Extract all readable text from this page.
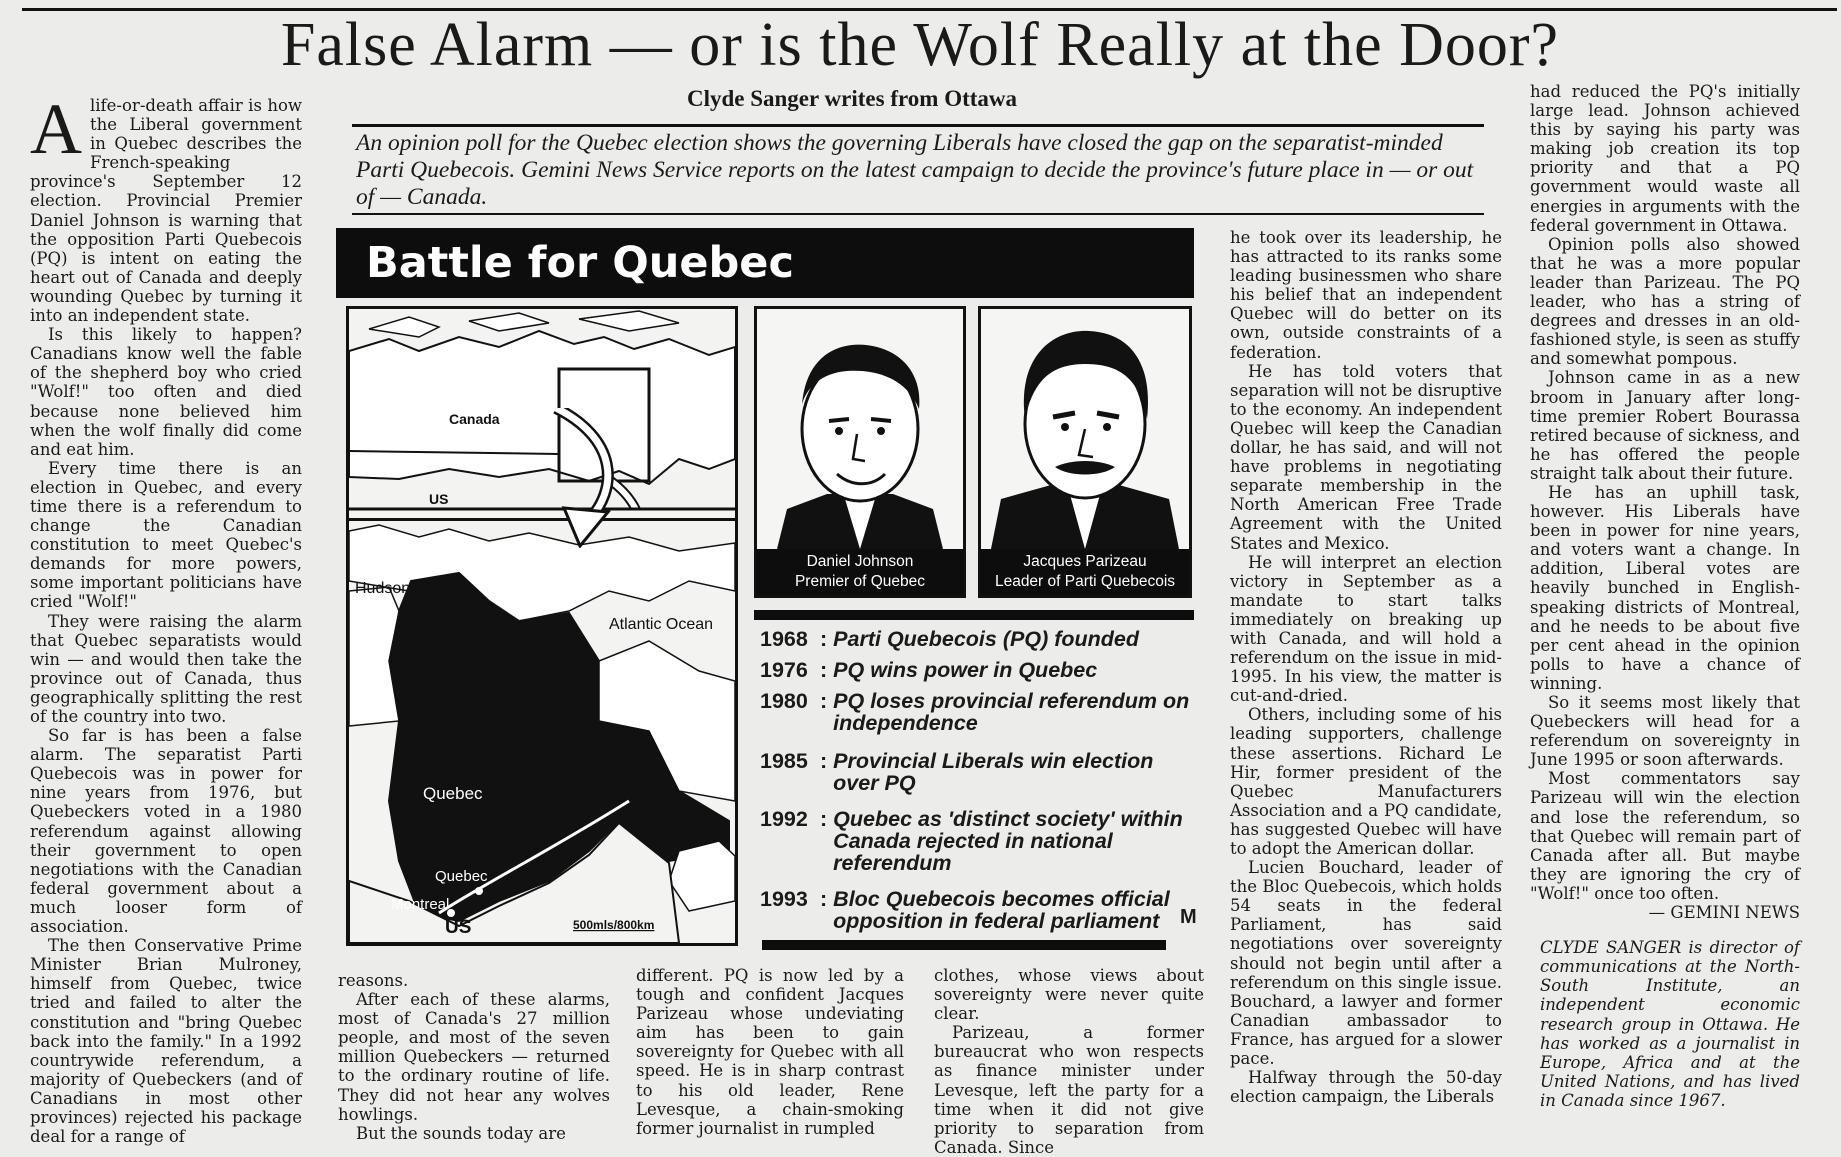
False Alarm — or is the Wolf Really at the Door?
Clyde Sanger writes from Ottawa
An opinion poll for the Quebec election shows the governing Liberals have closed the gap on the separatist-minded Parti Quebecois. Gemini News Service reports on the latest campaign to decide the province's future place in — or out of — Canada.

Alife-or-death affair is how the Liberal government in Quebec describes the French-speaking province's September 12 election. Provincial Premier Daniel Johnson is warning that the opposition Parti Quebecois (PQ) is intent on eating the heart out of Canada and deeply wounding Quebec by turning it into an independent state.

Is this likely to happen? Canadians know well the fable of the shepherd boy who cried "Wolf!" too often and died because none believed him when the wolf finally did come and eat him.

Every time there is an election in Quebec, and every time there is a referendum to change the Canadian constitution to meet Quebec's demands for more powers, some important politicians have cried "Wolf!"

They were raising the alarm that Quebec separatists would win — and would then take the province out of Canada, thus geographically splitting the rest of the country into two.

So far is has been a false alarm. The separatist Parti Quebecois was in power for nine years from 1976, but Quebeckers voted in a 1980 referendum against allowing their government to open negotiations with the Canadian federal government about a much looser form of association.

The then Conservative Prime Minister Brian Mulroney, himself from Quebec, twice tried and failed to alter the constitution and "bring Quebec back into the family." In a 1992 countrywide referendum, a majority of Quebeckers (and of Canadians in most other provinces) rejected his package deal for a range of

reasons.

After each of these alarms, most of Canada's 27 million people, and most of the seven million Quebeckers — returned to the ordinary routine of life. They did not hear any wolves howlings.

But the sounds today are

different. PQ is now led by a tough and confident Jacques Parizeau whose undeviating aim has been to gain sovereignty for Quebec with all speed. He is in sharp contrast to his old leader, Rene Levesque, a chain-smoking former journalist in rumpled

clothes, whose views about sovereignty were never quite clear.

Parizeau, a former bureaucrat who won respects as finance minister under Levesque, left the party for a time when it did not give priority to separation from Canada. Since

he took over its leadership, he has attracted to its ranks some leading businessmen who share his belief that an independent Quebec will do better on its own, outside constraints of a federation.

He has told voters that separation will not be disruptive to the economy. An independent Quebec will keep the Canadian dollar, he has said, and will not have problems in negotiating separate membership in the North American Free Trade Agreement with the United States and Mexico.

He will interpret an election victory in September as a mandate to start talks immediately on breaking up with Canada, and will hold a referendum on the issue in mid-1995. In his view, the matter is cut-and-dried.

Others, including some of his leading supporters, challenge these assertions. Richard Le Hir, former president of the Quebec Manufacturers Association and a PQ candidate, has suggested Quebec will have to adopt the American dollar.

Lucien Bouchard, leader of the Bloc Quebecois, which holds 54 seats in the federal Parliament, has said negotiations over sovereignty should not begin until after a referendum on this single issue. Bouchard, a lawyer and former Canadian ambassador to France, has argued for a slower pace.

Halfway through the 50-day election campaign, the Liberals

had reduced the PQ's initially large lead. Johnson achieved this by saying his party was making job creation its top priority and that a PQ government would waste all energies in arguments with the federal government in Ottawa.

Opinion polls also showed that he was a more popular leader than Parizeau. The PQ leader, who has a string of degrees and dresses in an old-fashioned style, is seen as stuffy and somewhat pompous.

Johnson came in as a new broom in January after long-time premier Robert Bourassa retired because of sickness, and he has offered the people straight talk about their future.

He has an uphill task, however. His Liberals have been in power for nine years, and voters want a change. In addition, Liberal votes are heavily bunched in English-speaking districts of Montreal, and he needs to be about five per cent ahead in the opinion polls to have a chance of winning.

So it seems most likely that Quebeckers will head for a referendum on sovereignty in June 1995 or soon afterwards.

Most commentators say Parizeau will win the election and lose the referendum, so that Quebec will remain part of Canada after all. But maybe they are ignoring the cry of "Wolf!" once too often.

— GEMINI NEWS

CLYDE SANGER is director of communications at the North-South Institute, an independent economic research group in Ottawa. He has worked as a journalist in Europe, Africa and at the United Nations, and has lived in Canada since 1967.

Battle for Quebec
Canada
US
Hudson Bay
Atlantic Ocean
Quebec
Quebec
Montreal
US	500mls/800km
Daniel Johnson
Premier of Quebec
Jacques Parizeau
Leader of Parti Quebecois
1968 : Parti Quebecois (PQ) founded
1976 : PQ wins power in Quebec
1980 : PQ loses provincial referendum on independence
1985 : Provincial Liberals win election over PQ
1992 : Quebec as 'distinct society' within Canada rejected in national referendum
1993 : Bloc Quebecois becomes official opposition in federal parliament	M
